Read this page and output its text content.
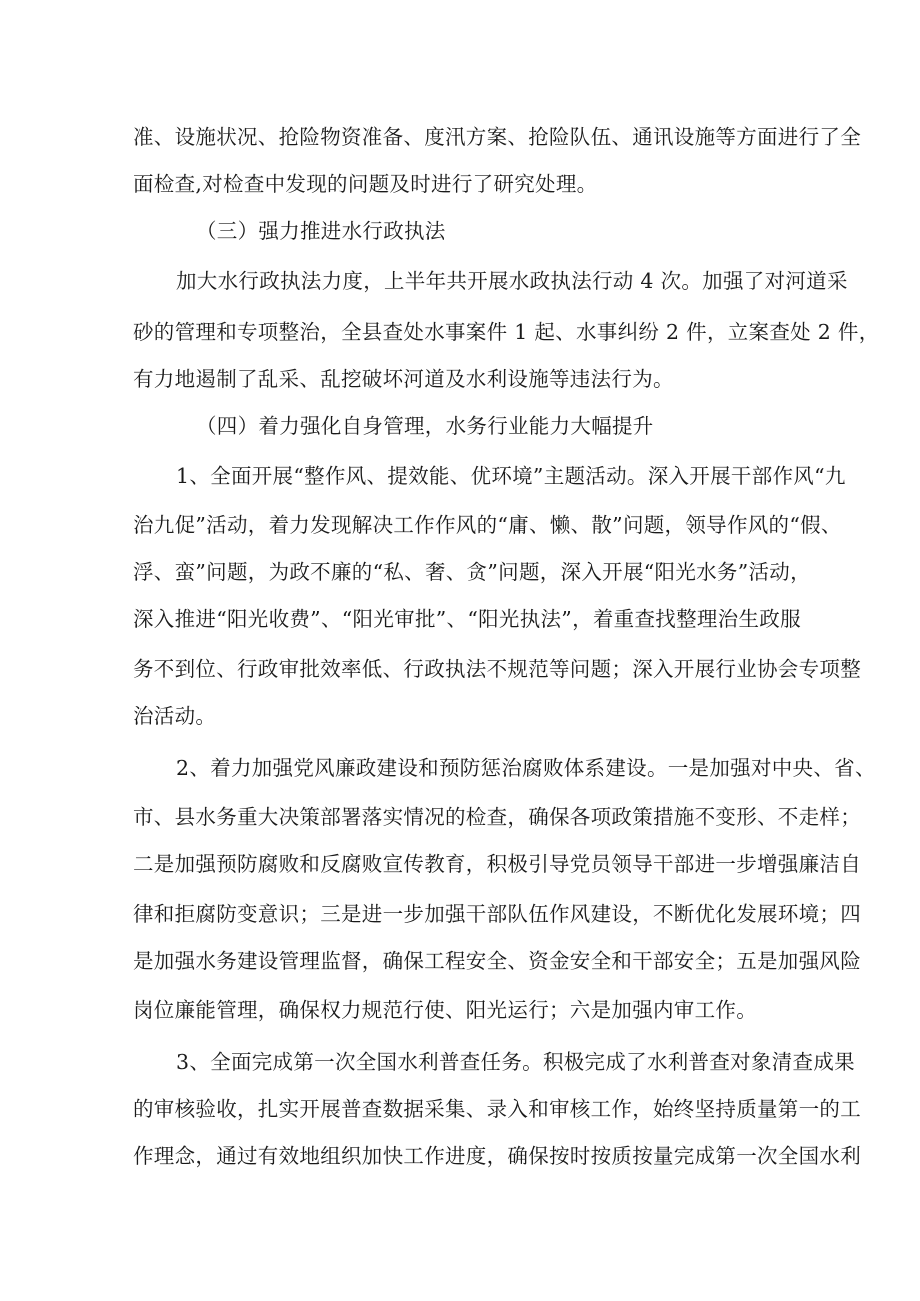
准、设施状况、抢险物资准备、度汛方案、抢险队伍、通讯设施等方面进行了全
面检查,对检查中发现的问题及时进行了研究处理。
（三）强力推进水行政执法
加大水行政执法力度，上半年共开展水政执法行动 4 次。加强了对河道采
砂的管理和专项整治，全县查处水事案件 1 起、水事纠纷 2 件，立案查处 2 件，
有力地遏制了乱采、乱挖破坏河道及水利设施等违法行为。
（四）着力强化自身管理，水务行业能力大幅提升
1、全面开展“整作风、提效能、优环境”主题活动。深入开展干部作风“九
治九促”活动，着力发现解决工作作风的“庸、懒、散”问题，领导作风的“假、
浮、蛮”问题，为政不廉的“私、奢、贪”问题，深入开展“阳光水务”活动，
深入推进“阳光收费”、“阳光审批”、“阳光执法”，着重查找整理治生政服
务不到位、行政审批效率低、行政执法不规范等问题；深入开展行业协会专项整
治活动。
2、着力加强党风廉政建设和预防惩治腐败体系建设。一是加强对中央、省、
市、县水务重大决策部署落实情况的检查，确保各项政策措施不变形、不走样；
二是加强预防腐败和反腐败宣传教育，积极引导党员领导干部进一步增强廉洁自
律和拒腐防变意识；三是进一步加强干部队伍作风建设，不断优化发展环境；四
是加强水务建设管理监督，确保工程安全、资金安全和干部安全；五是加强风险
岗位廉能管理，确保权力规范行使、阳光运行；六是加强内审工作。
3、全面完成第一次全国水利普查任务。积极完成了水利普查对象清查成果
的审核验收，扎实开展普查数据采集、录入和审核工作，始终坚持质量第一的工
作理念，通过有效地组织加快工作进度，确保按时按质按量完成第一次全国水利
